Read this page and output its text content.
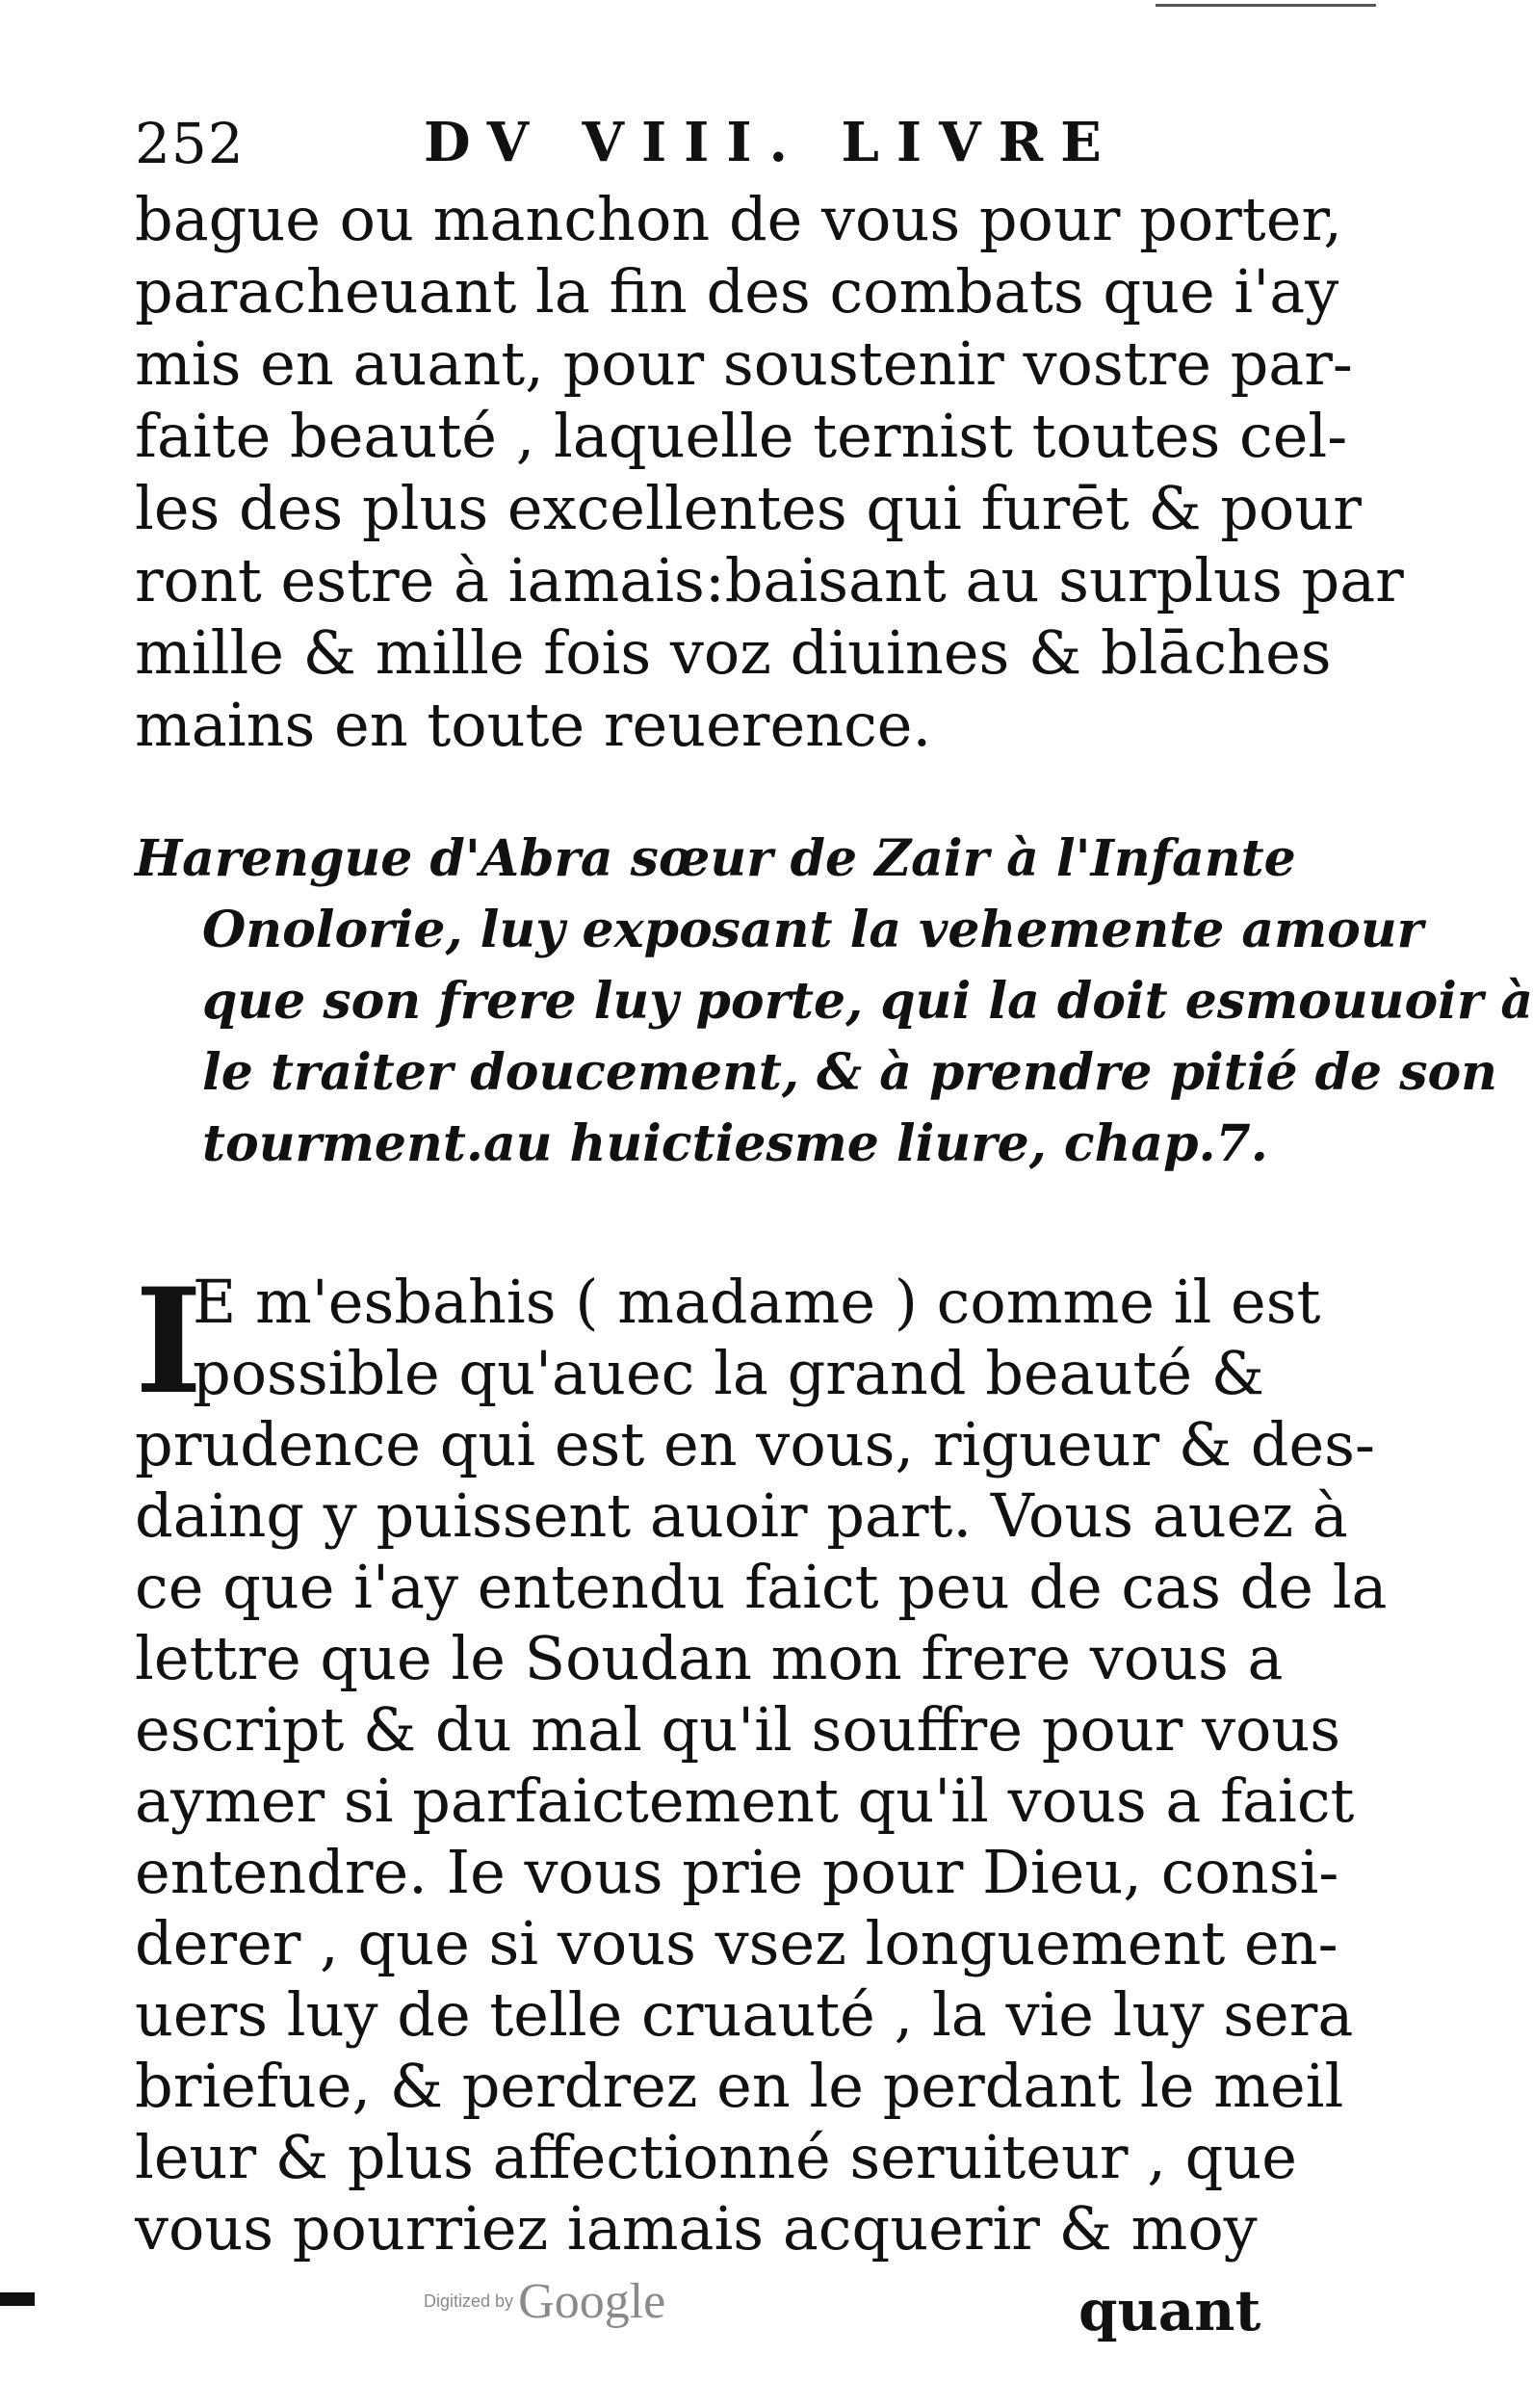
252	DV VIII. LIVRE
bague ou manchon de vous pour porter,
paracheuant la fin des combats que i'ay
mis en auant, pour soustenir vostre par-
faite beauté , laquelle ternist toutes cel-
les des plus excellentes qui furēt & pour
ront estre à iamais:baisant au surplus par
mille & mille fois voz diuines & blāches
mains en toute reuerence.
Harengue d'Abra sœur de Zair à l'Infante
Onolorie, luy exposant la vehemente amour
que son frere luy porte, qui la doit esmouuoir à
le traiter doucement, & à prendre pitié de son
tourment.au huictiesme liure, chap.7.
I
E m'esbahis ( madame ) comme il est
possible qu'auec la grand beauté &
prudence qui est en vous, rigueur & des-
daing y puissent auoir part. Vous auez à
ce que i'ay entendu faict peu de cas de la
lettre que le Soudan mon frere vous a
escript & du mal qu'il souffre pour vous
aymer si parfaictement qu'il vous a faict
entendre. Ie vous prie pour Dieu, consi-
derer , que si vous vsez longuement en-
uers luy de telle cruauté , la vie luy sera
briefue, & perdrez en le perdant le meil
leur & plus affectionné seruiteur , que
vous pourriez iamais acquerir & moy
Digitized by Google	quant
